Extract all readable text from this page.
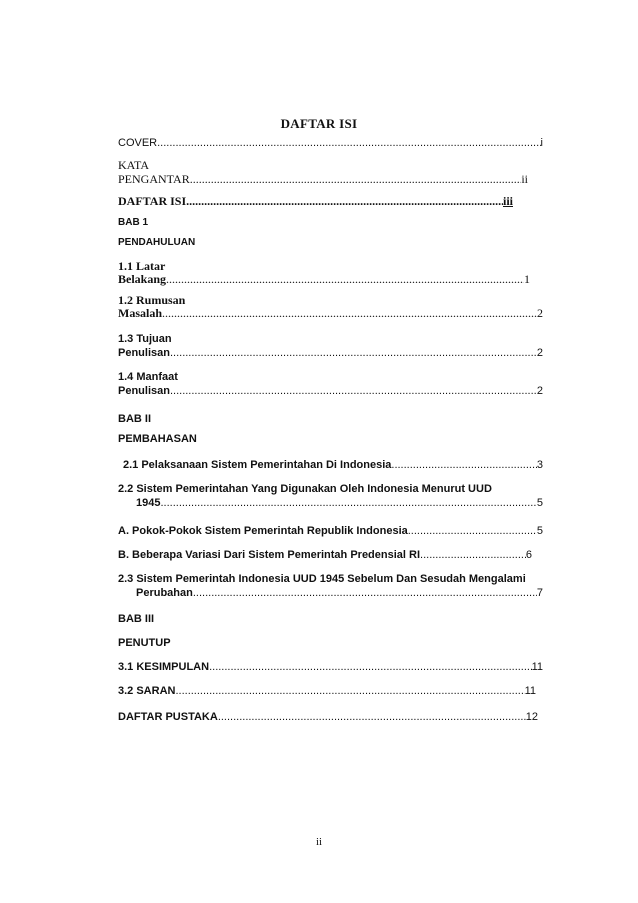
DAFTAR ISI
COVER .....	i
KATA
PENGANTAR .....	ii
DAFTAR ISI .....	iii
BAB 1
PENDAHULUAN
1.1 Latar
Belakang .....	1
1.2 Rumusan
Masalah .....	2
1.3 Tujuan
Penulisan .....	2
1.4 Manfaat
Penulisan .....	2
BAB II
PEMBAHASAN
2.1 Pelaksanaan Sistem Pemerintahan Di Indonesia .....	3
2.2 Sistem Pemerintahan Yang Digunakan Oleh Indonesia Menurut UUD
1945 .....	5
A. Pokok-Pokok Sistem Pemerintah Republik Indonesia .....	5
B. Beberapa Variasi Dari Sistem Pemerintah Predensial RI .....	6
2.3 Sistem Pemerintah Indonesia UUD 1945 Sebelum Dan Sesudah Mengalami
Perubahan .....	7
BAB III
PENUTUP
3.1 KESIMPULAN .....	11
3.2 SARAN .....	11
DAFTAR PUSTAKA .....	12
ii
